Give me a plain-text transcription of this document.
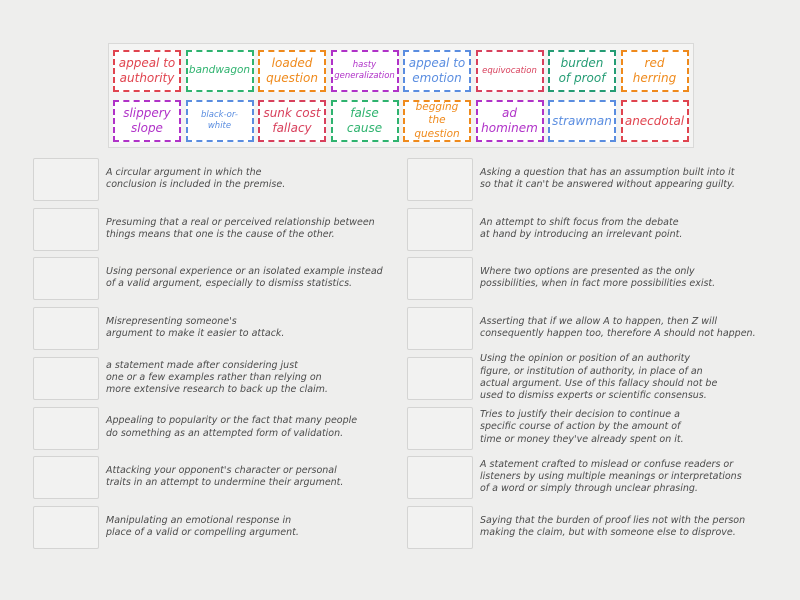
appeal to
authority
bandwagon
loaded
question
hasty
generalization
appeal to
emotion
equivocation
burden
of proof
red
herring
slippery
slope
black-or-white
sunk cost
fallacy
false
cause
begging the
question
ad
hominem
strawman anecdotal

A circular argument in which the
conclusion is included in the premise.

Presuming that a real or perceived relationship between
things means that one is the cause of the other.

Using personal experience or an isolated example instead
of a valid argument, especially to dismiss statistics.

Misrepresenting someone's
argument to make it easier to attack.

a statement made after considering just
one or a few examples rather than relying on
more extensive research to back up the claim.

Appealing to popularity or the fact that many people
do something as an attempted form of validation.

Attacking your opponent's character or personal
traits in an attempt to undermine their argument.

Manipulating an emotional response in
place of a valid or compelling argument.

Asking a question that has an assumption built into it
so that it can't be answered without appearing guilty.

An attempt to shift focus from the debate
at hand by introducing an irrelevant point.

Where two options are presented as the only
possibilities, when in fact more possibilities exist.

Asserting that if we allow A to happen, then Z will
consequently happen too, therefore A should not happen.

Using the opinion or position of an authority
figure, or institution of authority, in place of an
actual argument. Use of this fallacy should not be
used to dismiss experts or scientific consensus.

Tries to justify their decision to continue a
specific course of action by the amount of
time or money they've already spent on it.

A statement crafted to mislead or confuse readers or
listeners by using multiple meanings or interpretations
of a word or simply through unclear phrasing.

Saying that the burden of proof lies not with the person
making the claim, but with someone else to disprove.
